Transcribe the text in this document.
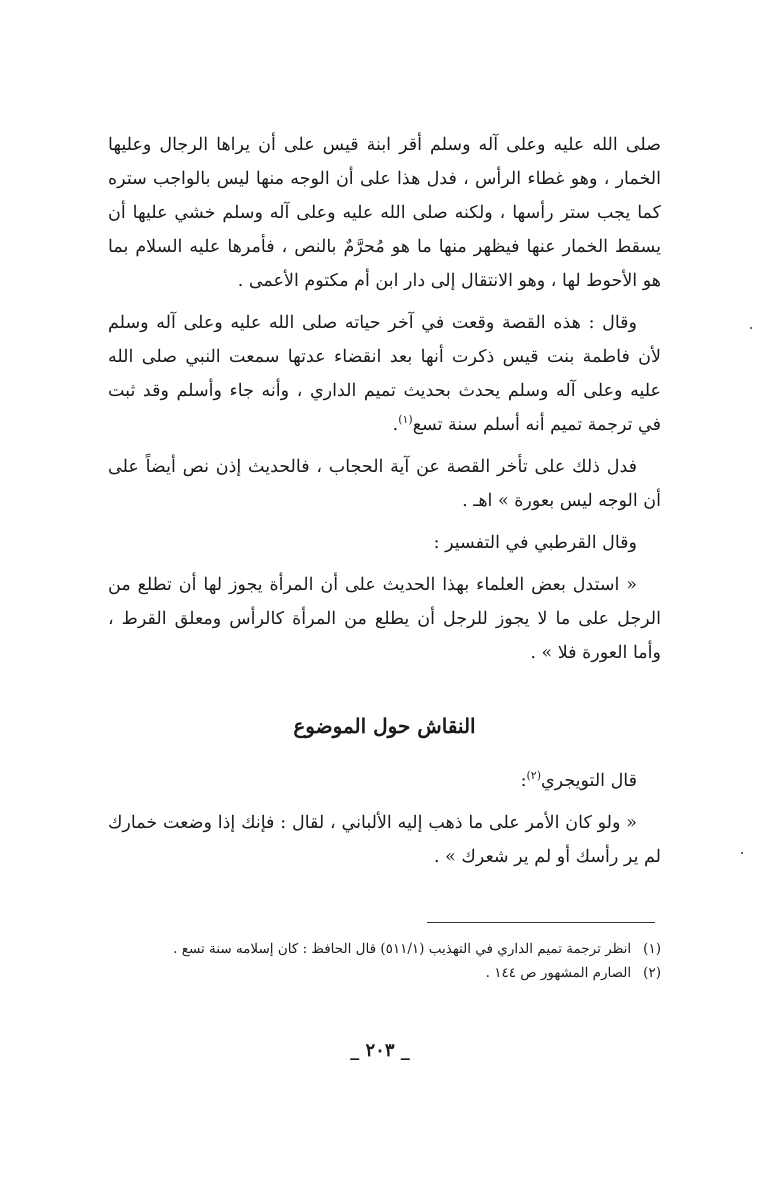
صلى الله عليه وعلى آله وسلم أقر ابنة قيس على أن يراها الرجال وعليها الخمار ، وهو غطاء الرأس ، فدل هذا على أن الوجه منها ليس بالواجب ستره كما يجب ستر رأسها ، ولكنه صلى الله عليه وعلى آله وسلم خشي عليها أن يسقط الخمار عنها فيظهر منها ما هو مُحرَّمٌ بالنص ، فأمرها عليه السلام بما هو الأحوط لها ، وهو الانتقال إلى دار ابن أم مكتوم الأعمى .

وقال : هذه القصة وقعت في آخر حياته صلى الله عليه وعلى آله وسلم لأن فاطمة بنت قيس ذكرت أنها بعد انقضاء عدتها سمعت النبي صلى الله عليه وعلى آله وسلم يحدث بحديث تميم الداري ، وأنه جاء وأسلم وقد ثبت في ترجمة تميم أنه أسلم سنة تسع$^{(١)}$.

فدل ذلك على تأخر القصة عن آية الحجاب ، فالحديث إذن نص أيضاً على أن الوجه ليس بعورة » اهـ .

وقال القرطبي في التفسير :

« استدل بعض العلماء بهذا الحديث على أن المرأة يجوز لها أن تطلع من الرجل على ما لا يجوز للرجل أن يطلع من المرأة كالرأس ومعلق القرط ، وأما العورة فلا » .

النقاش حول الموضوع

قال التويجري$^{(٢)}$:

« ولو كان الأمر على ما ذهب إليه الألباني ، لقال : فإنك إذا وضعت خمارك لم ير رأسك أو لم ير شعرك » .

(١)انظر ترجمة تميم الداري في التهذيب (٥١١/١) قال الحافظ : كان إسلامه سنة تسع .
(٢)الصارم المشهور ص ١٤٤ .
_ ٢٠٣ _
